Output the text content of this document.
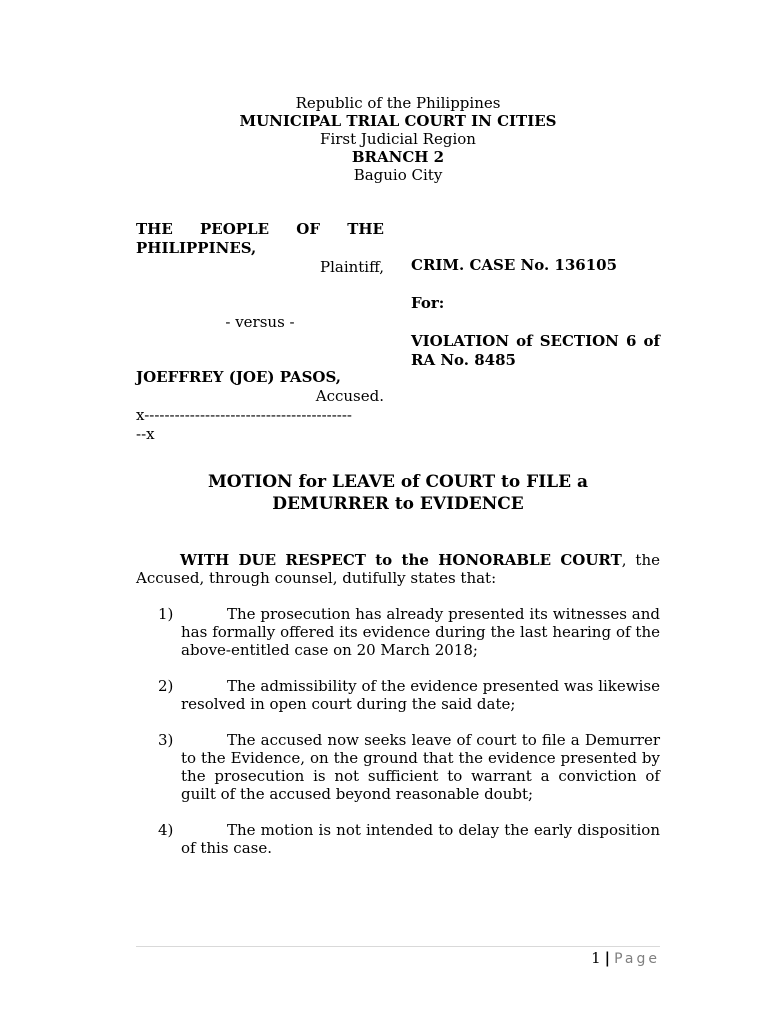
Republic of the Philippines
MUNICIPAL TRIAL COURT IN CITIES
First Judicial Region
BRANCH 2
Baguio City
THE PEOPLE OF THE
PHILIPPINES,
Plaintiff,
- versus -
JOEFFREY (JOE) PASOS,
Accused.
x-----------------------------------------
--x
CRIM. CASE No. 136105
For:
VIOLATION of SECTION 6 of RA No. 8485
MOTION for LEAVE of COURT to FILE a
DEMURRER to EVIDENCE
WITH DUE RESPECT to the HONORABLE COURT, the Accused, through counsel, dutifully states that:
1)	The prosecution has already presented its witnesses and has formally offered its evidence during the last hearing of the above-entitled case on 20 March 2018;
2)	The admissibility of the evidence presented was likewise resolved in open court during the said date;
3)	The accused now seeks leave of court to file a Demurrer to the Evidence, on the ground that the evidence presented by the prosecution is not sufficient to warrant a conviction of guilt of the accused beyond reasonable doubt;
4)	The motion is not intended to delay the early disposition of this case.
1 | Page
